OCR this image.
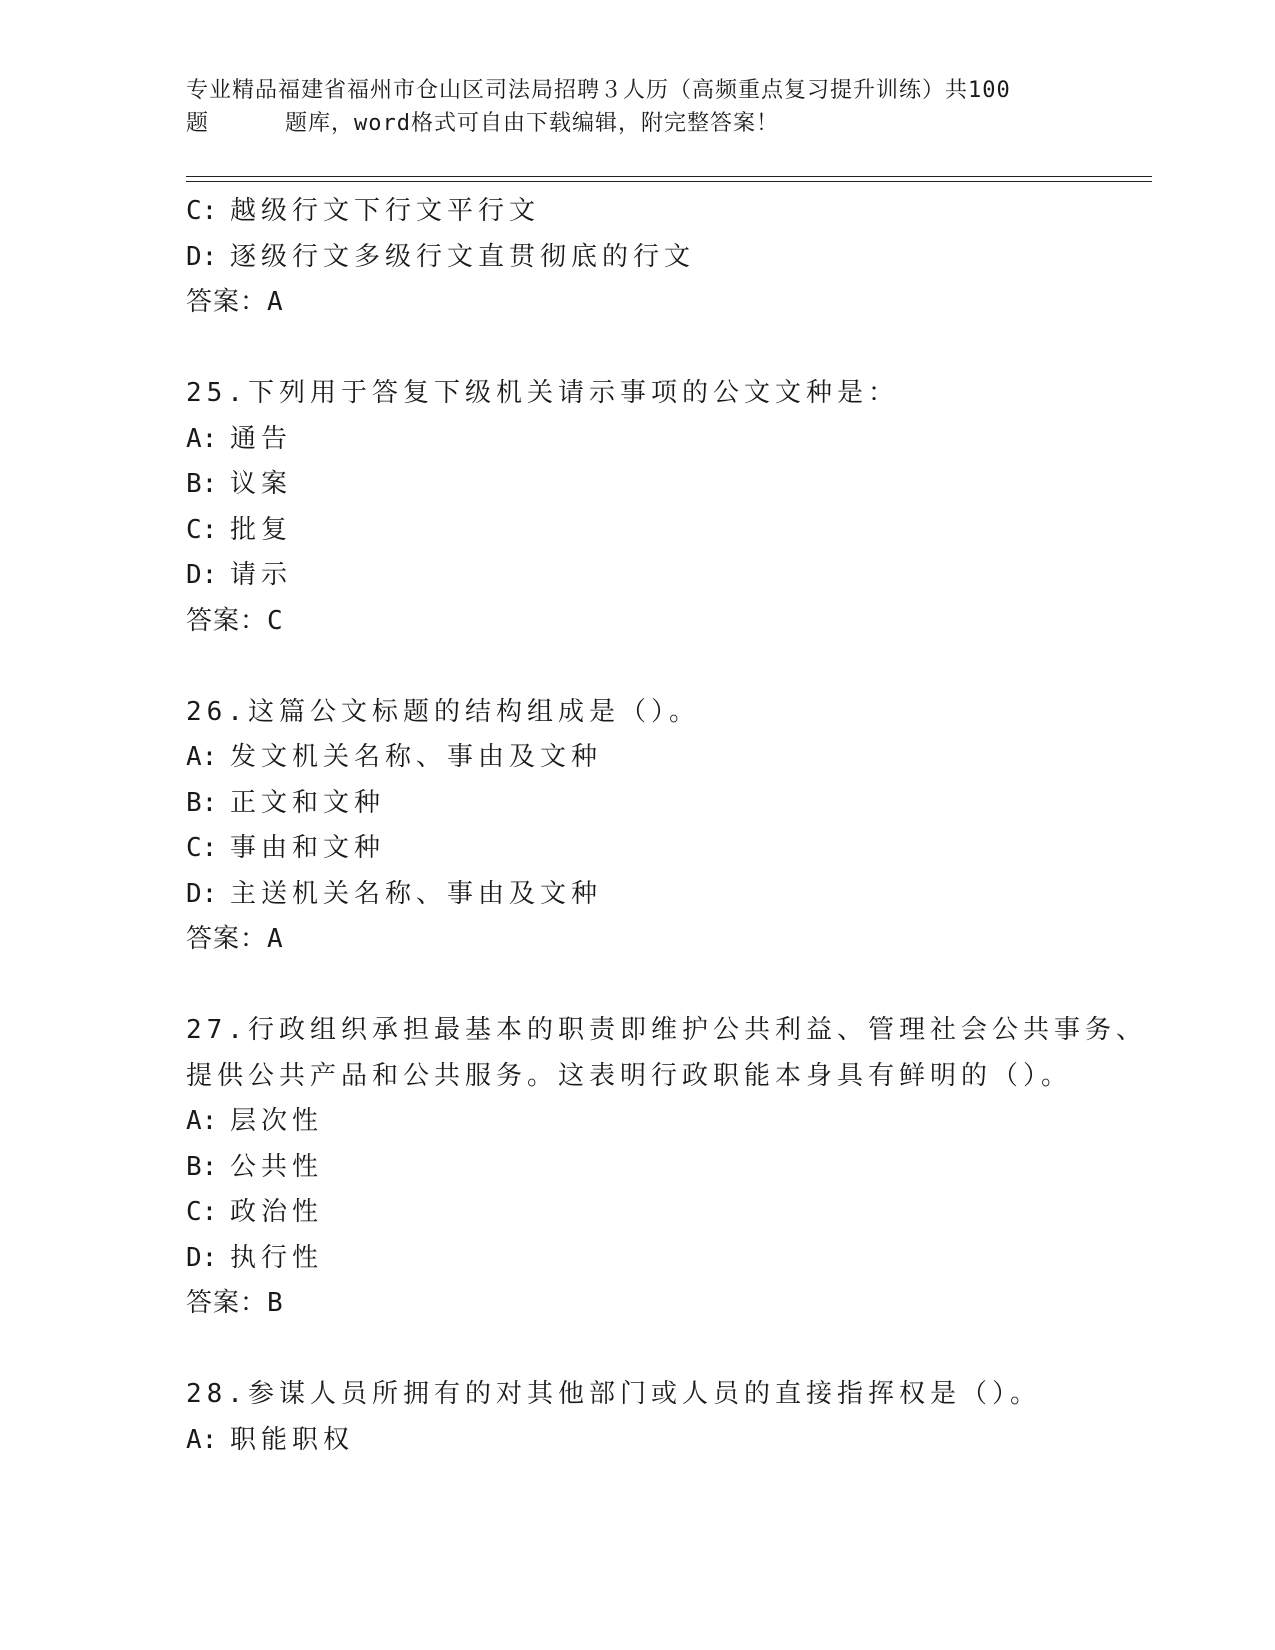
专业精品福建省福州市仓山区司法局招聘３人历（高频重点复习提升训练）共100
题	题库，word格式可自由下载编辑，附完整答案！
C: 越级行文下行文平行文
D: 逐级行文多级行文直贯彻底的行文
答案：A
25.下列用于答复下级机关请示事项的公文文种是：
A: 通告
B: 议案
C: 批复
D: 请示
答案：C
26.这篇公文标题的结构组成是（）。
A: 发文机关名称、事由及文种
B: 正文和文种
C: 事由和文种
D: 主送机关名称、事由及文种
答案：A
27.行政组织承担最基本的职责即维护公共利益、管理社会公共事务、
提供公共产品和公共服务。这表明行政职能本身具有鲜明的（）。
A: 层次性
B: 公共性
C: 政治性
D: 执行性
答案：B
28.参谋人员所拥有的对其他部门或人员的直接指挥权是（）。
A: 职能职权
